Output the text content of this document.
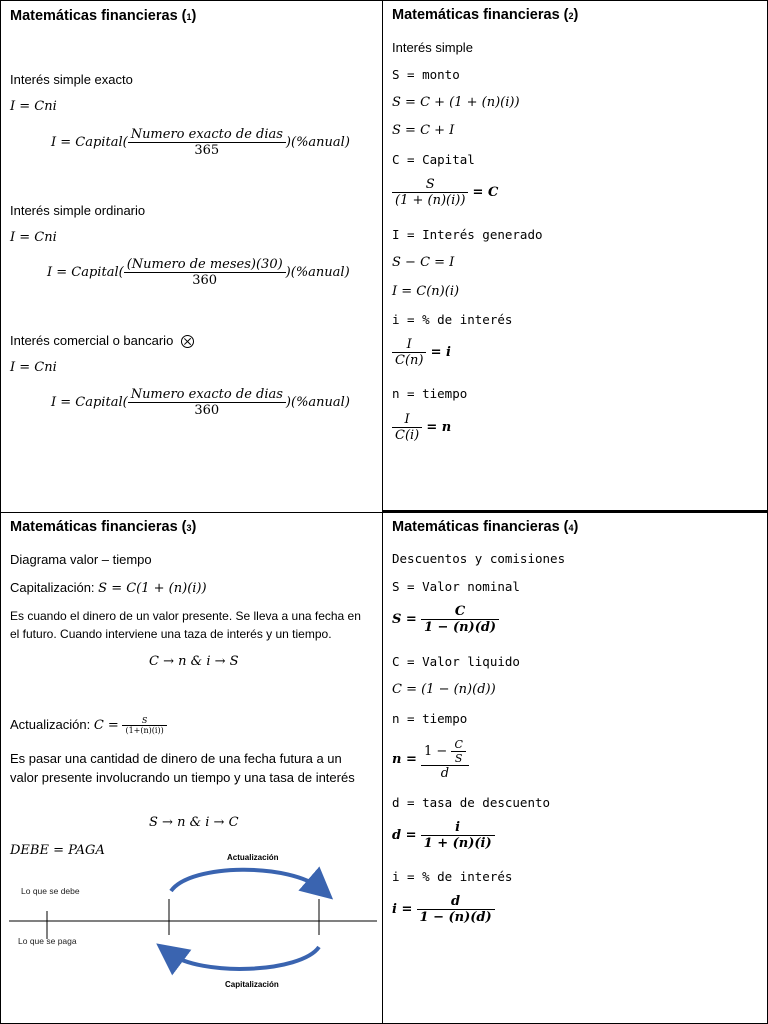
Matemáticas financieras (1)
Interés simple exacto
I = Cni
I = Capital( $\frac{\text{Numero exacto de dias}}{365}$ )(%anual)
Interés simple ordinario
I = Cni
I = Capital( $\frac{\text{(Numero de meses)(30)}}{360}$ )(%anual)
Interés comercial o bancario
I = Cni
I = Capital( $\frac{\text{Numero exacto de dias}}{360}$ )(%anual)
Matemáticas financieras (2)
Interés simple
S = monto
S = C + (1 + (n)(i))
S = C + I
C = Capital
$\frac{S}{(1 + (n)(i))} = C$
I = Interés generado
S − C = I
I = C(n)(i)
i = % de interés
$\frac{I}{C(n)} = i$
n = tiempo
$\frac{I}{C(i)} = n$
Matemáticas financieras (3)
Diagrama valor – tiempo
Capitalización: S = C(1 + (n)(i))
Es cuando el dinero de un valor presente. Se lleva a una fecha en el futuro. Cuando interviene una taza de interés y un tiempo.
C → n & i → S
Actualización: $C = \frac{S}{(1+(n)(i))}$
Es pasar una cantidad de dinero de una fecha futura a un valor presente involucrando un tiempo y una tasa de interés
S → n & i → C
DEBE = PAGA	Actualización
Capitalización
Lo que se debe
Lo que se paga
Matemáticas financieras (4)
Descuentos y comisiones
S = Valor nominal
$S = \frac{C}{1 - (n)(d)}$
C = Valor liquido
C = (1 − (n)(d))
n = tiempo
$n = \frac{1 - \frac{C}{S}}{d}$
d = tasa de descuento
$d = \frac{i}{1 + (n)(i)}$
i = % de interés
$i = \frac{d}{1 - (n)(d)}$
